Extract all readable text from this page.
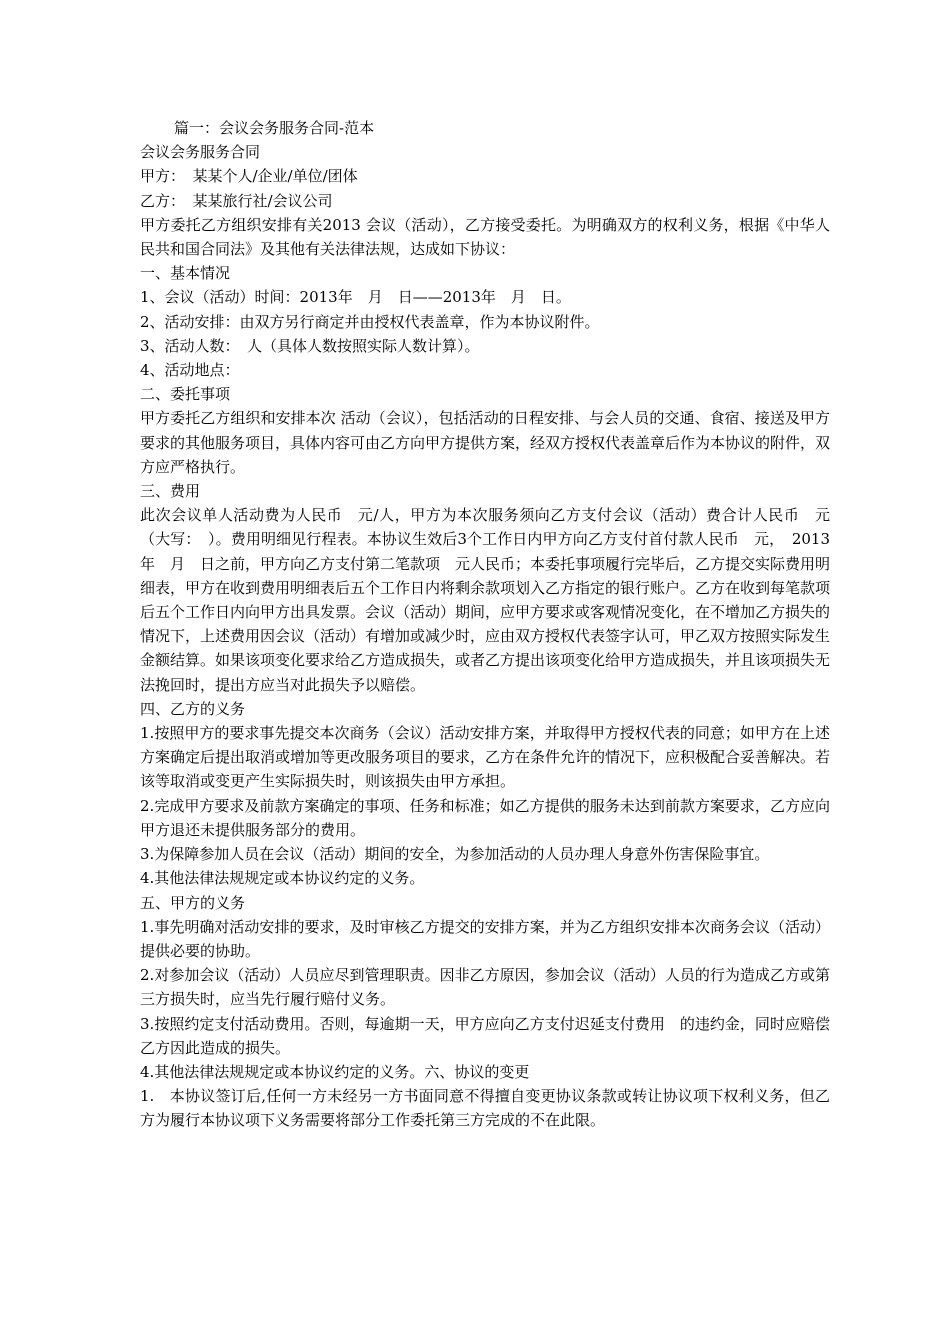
篇一：会议会务服务合同-范本
会议会务服务合同
甲方：　某某个人/企业/单位/团体
乙方：　某某旅行社/会议公司
甲方委托乙方组织安排有关2013 会议（活动），乙方接受委托。为明确双方的权利义务，根据《中华人民共和国合同法》及其他有关法律法规，达成如下协议：
一、基本情况
1、会议（活动）时间：2013年　月　日——2013年　月　日。
2、活动安排：由双方另行商定并由授权代表盖章，作为本协议附件。
3、活动人数：　人（具体人数按照实际人数计算）。
4、活动地点：
二、委托事项
甲方委托乙方组织和安排本次 活动（会议），包括活动的日程安排、与会人员的交通、食宿、接送及甲方要求的其他服务项目，具体内容可由乙方向甲方提供方案，经双方授权代表盖章后作为本协议的附件，双方应严格执行。
三、费用
此次会议单人活动费为人民币　元/人，甲方为本次服务须向乙方支付会议（活动）费合计人民币　元（大写：　）。费用明细见行程表。本协议生效后3个工作日内甲方向乙方支付首付款人民币　元，　2013 年　月　日之前，甲方向乙方支付第二笔款项　元人民币；本委托事项履行完毕后，乙方提交实际费用明细表，甲方在收到费用明细表后五个工作日内将剩余款项划入乙方指定的银行账户。乙方在收到每笔款项后五个工作日内向甲方出具发票。会议（活动）期间，应甲方要求或客观情况变化，在不增加乙方损失的情况下，上述费用因会议（活动）有增加或减少时，应由双方授权代表签字认可，甲乙双方按照实际发生金额结算。如果该项变化要求给乙方造成损失，或者乙方提出该项变化给甲方造成损失，并且该项损失无法挽回时，提出方应当对此损失予以赔偿。
四、乙方的义务
1.按照甲方的要求事先提交本次商务（会议）活动安排方案，并取得甲方授权代表的同意；如甲方在上述方案确定后提出取消或增加等更改服务项目的要求，乙方在条件允许的情况下，应积极配合妥善解决。若该等取消或变更产生实际损失时，则该损失由甲方承担。
2.完成甲方要求及前款方案确定的事项、任务和标准；如乙方提供的服务未达到前款方案要求，乙方应向甲方退还未提供服务部分的费用。
3.为保障参加人员在会议（活动）期间的安全，为参加活动的人员办理人身意外伤害保险事宜。
4.其他法律法规规定或本协议约定的义务。
五、甲方的义务
1.事先明确对活动安排的要求，及时审核乙方提交的安排方案，并为乙方组织安排本次商务会议（活动）提供必要的协助。
2.对参加会议（活动）人员应尽到管理职责。因非乙方原因，参加会议（活动）人员的行为造成乙方或第三方损失时，应当先行履行赔付义务。
3.按照约定支付活动费用。否则，每逾期一天，甲方应向乙方支付迟延支付费用　的违约金，同时应赔偿乙方因此造成的损失。
4.其他法律法规规定或本协议约定的义务。六、协议的变更
1.　本协议签订后,任何一方未经另一方书面同意不得擅自变更协议条款或转让协议项下权利义务，但乙方为履行本协议项下义务需要将部分工作委托第三方完成的不在此限。
